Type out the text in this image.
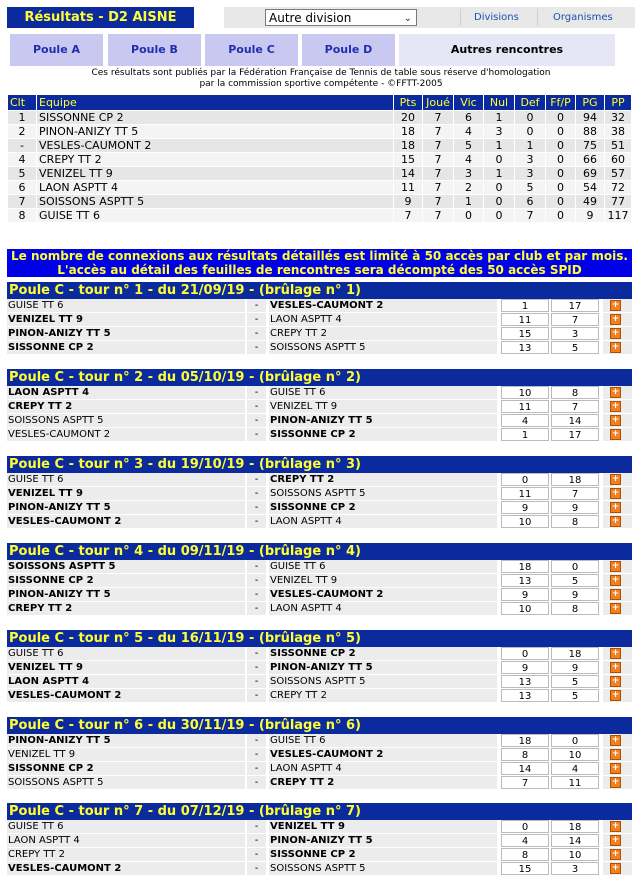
Résultats - D2 AISNE	Autre division	⌄	Divisions	Organismes
Poule A	Poule B	Poule C	Poule D	Autres rencontres
Ces résultats sont publiés par la Fédération Française de Tennis de table sous réserve d'homologation
par la commission sportive compétente - ©FFTT-2005
Clt	Equipe	Pts	Joué	Vic	Nul	Def	Ff/P	PG	PP
1	SISSONNE CP 2	20	7	6	1	0	0	94	32
2	PINON-ANIZY TT 5	18	7	4	3	0	0	88	38
-	VESLES-CAUMONT 2	18	7	5	1	1	0	75	51
4	CREPY TT 2	15	7	4	0	3	0	66	60
5	VENIZEL TT 9	14	7	3	1	3	0	69	57
6	LAON ASPTT 4	11	7	2	0	5	0	54	72
7	SOISSONS ASPTT 5	9	7	1	0	6	0	49	77
8	GUISE TT 6	7	7	0	0	7	0	9	117
Le nombre de connexions aux résultats détaillés est limité à 50 accès par club et par mois.
L'accès au détail des feuilles de rencontres sera décompté des 50 accès SPID
Poule C - tour n° 1 - du 21/09/19 - (brûlage n° 1)
GUISE TT 6	-	VESLES-CAUMONT 2	1	17	+
VENIZEL TT 9	-	LAON ASPTT 4	11	7	+
PINON-ANIZY TT 5	-	CREPY TT 2	15	3	+
SISSONNE CP 2	-	SOISSONS ASPTT 5	13	5	+
Poule C - tour n° 2 - du 05/10/19 - (brûlage n° 2)
LAON ASPTT 4	-	GUISE TT 6	10	8	+
CREPY TT 2	-	VENIZEL TT 9	11	7	+
SOISSONS ASPTT 5	-	PINON-ANIZY TT 5	4	14	+
VESLES-CAUMONT 2	-	SISSONNE CP 2	1	17	+
Poule C - tour n° 3 - du 19/10/19 - (brûlage n° 3)
GUISE TT 6	-	CREPY TT 2	0	18	+
VENIZEL TT 9	-	SOISSONS ASPTT 5	11	7	+
PINON-ANIZY TT 5	-	SISSONNE CP 2	9	9	+
VESLES-CAUMONT 2	-	LAON ASPTT 4	10	8	+
Poule C - tour n° 4 - du 09/11/19 - (brûlage n° 4)
SOISSONS ASPTT 5	-	GUISE TT 6	18	0	+
SISSONNE CP 2	-	VENIZEL TT 9	13	5	+
PINON-ANIZY TT 5	-	VESLES-CAUMONT 2	9	9	+
CREPY TT 2	-	LAON ASPTT 4	10	8	+
Poule C - tour n° 5 - du 16/11/19 - (brûlage n° 5)
GUISE TT 6	-	SISSONNE CP 2	0	18	+
VENIZEL TT 9	-	PINON-ANIZY TT 5	9	9	+
LAON ASPTT 4	-	SOISSONS ASPTT 5	13	5	+
VESLES-CAUMONT 2	-	CREPY TT 2	13	5	+
Poule C - tour n° 6 - du 30/11/19 - (brûlage n° 6)
PINON-ANIZY TT 5	-	GUISE TT 6	18	0	+
VENIZEL TT 9	-	VESLES-CAUMONT 2	8	10	+
SISSONNE CP 2	-	LAON ASPTT 4	14	4	+
SOISSONS ASPTT 5	-	CREPY TT 2	7	11	+
Poule C - tour n° 7 - du 07/12/19 - (brûlage n° 7)
GUISE TT 6	-	VENIZEL TT 9	0	18	+
LAON ASPTT 4	-	PINON-ANIZY TT 5	4	14	+
CREPY TT 2	-	SISSONNE CP 2	8	10	+
VESLES-CAUMONT 2	-	SOISSONS ASPTT 5	15	3	+
